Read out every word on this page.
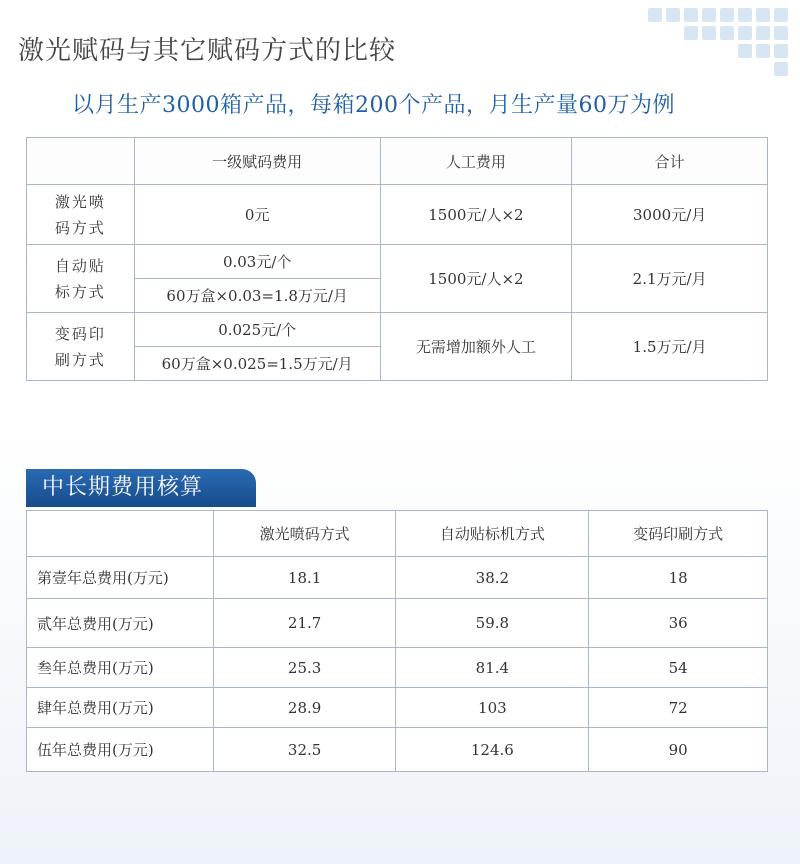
激光赋码与其它赋码方式的比较
以月生产3000箱产品，每箱200个产品，月生产量60万为例
	一级赋码费用	人工费用	合计

激光喷
码方式	0元	1500元/人×2	3000元/月

自动贴
标方式	0.03元/个	1500元/人×2	2.1万元/月
	60万盒×0.03=1.8万元/月		

变码印
刷方式	0.025元/个	无需增加额外人工	1.5万元/月
	60万盒×0.025=1.5万元/月		
中长期费用核算
	激光喷码方式	自动贴标机方式	变码印刷方式
第壹年总费用(万元)	18.1	38.2	18
贰年总费用(万元)	21.7	59.8	36
叁年总费用(万元)	25.3	81.4	54
肆年总费用(万元)	28.9	103	72
伍年总费用(万元)	32.5	124.6	90
